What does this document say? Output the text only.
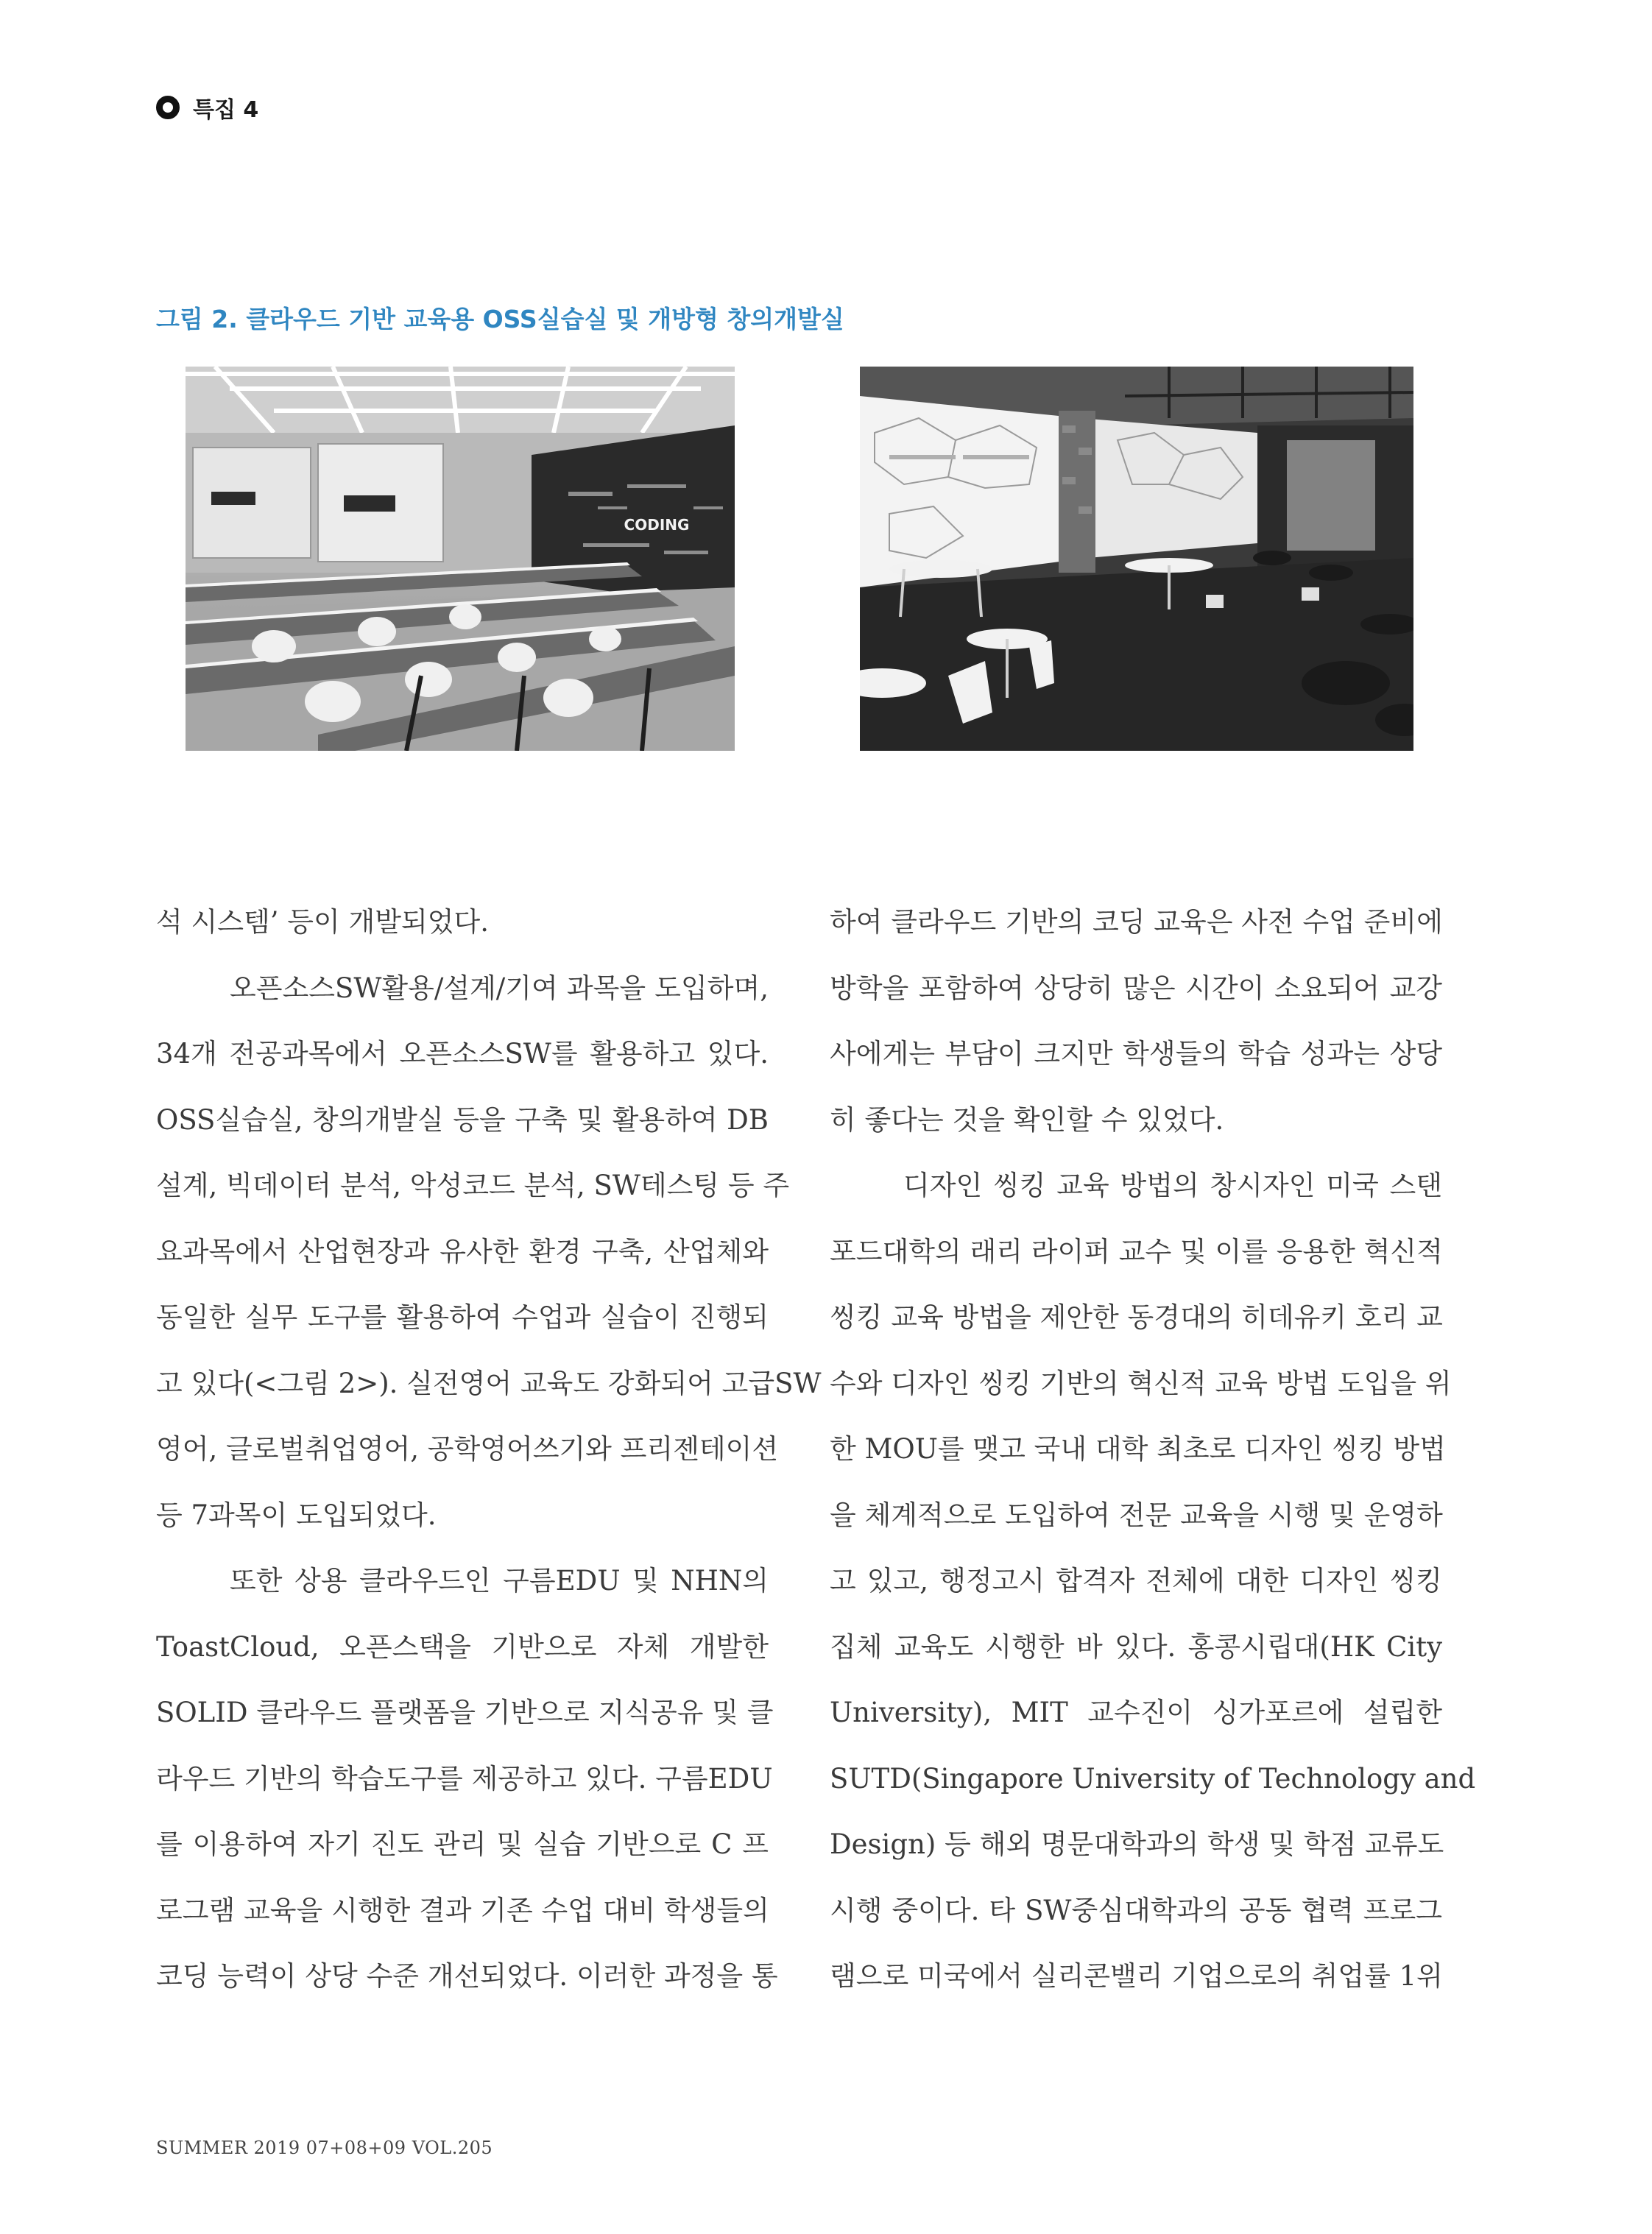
특집 4
그림 2. 클라우드 기반 교육용 OSS실습실 및 개방형 창의개발실
CODING

석 시스템’ 등이 개발되었다.

오픈소스SW활용/설계/기여 과목을 도입하며,

34개 전공과목에서 오픈소스SW를 활용하고 있다.

OSS실습실, 창의개발실 등을 구축 및 활용하여 DB

설계, 빅데이터 분석, 악성코드 분석, SW테스팅 등 주

요과목에서 산업현장과 유사한 환경 구축, 산업체와

동일한 실무 도구를 활용하여 수업과 실습이 진행되

고 있다(<그림 2>). 실전영어 교육도 강화되어 고급SW

영어, 글로벌취업영어, 공학영어쓰기와 프리젠테이션

등 7과목이 도입되었다.

또한 상용 클라우드인 구름EDU 및 NHN의

ToastCloud, 오픈스택을 기반으로 자체 개발한

SOLID 클라우드 플랫폼을 기반으로 지식공유 및 클

라우드 기반의 학습도구를 제공하고 있다. 구름EDU

를 이용하여 자기 진도 관리 및 실습 기반으로 C 프

로그램 교육을 시행한 결과 기존 수업 대비 학생들의

코딩 능력이 상당 수준 개선되었다. 이러한 과정을 통

하여 클라우드 기반의 코딩 교육은 사전 수업 준비에

방학을 포함하여 상당히 많은 시간이 소요되어 교강

사에게는 부담이 크지만 학생들의 학습 성과는 상당

히 좋다는 것을 확인할 수 있었다.

디자인 씽킹 교육 방법의 창시자인 미국 스탠

포드대학의 래리 라이퍼 교수 및 이를 응용한 혁신적

씽킹 교육 방법을 제안한 동경대의 히데유키 호리 교

수와 디자인 씽킹 기반의 혁신적 교육 방법 도입을 위

한 MOU를 맺고 국내 대학 최초로 디자인 씽킹 방법

을 체계적으로 도입하여 전문 교육을 시행 및 운영하

고 있고, 행정고시 합격자 전체에 대한 디자인 씽킹

집체 교육도 시행한 바 있다. 홍콩시립대(HK City

University), MIT 교수진이 싱가포르에 설립한

SUTD(Singapore University of Technology and

Design) 등 해외 명문대학과의 학생 및 학점 교류도

시행 중이다. 타 SW중심대학과의 공동 협력 프로그

램으로 미국에서 실리콘밸리 기업으로의 취업률 1위

SUMMER 2019 07+08+09 VOL.205
